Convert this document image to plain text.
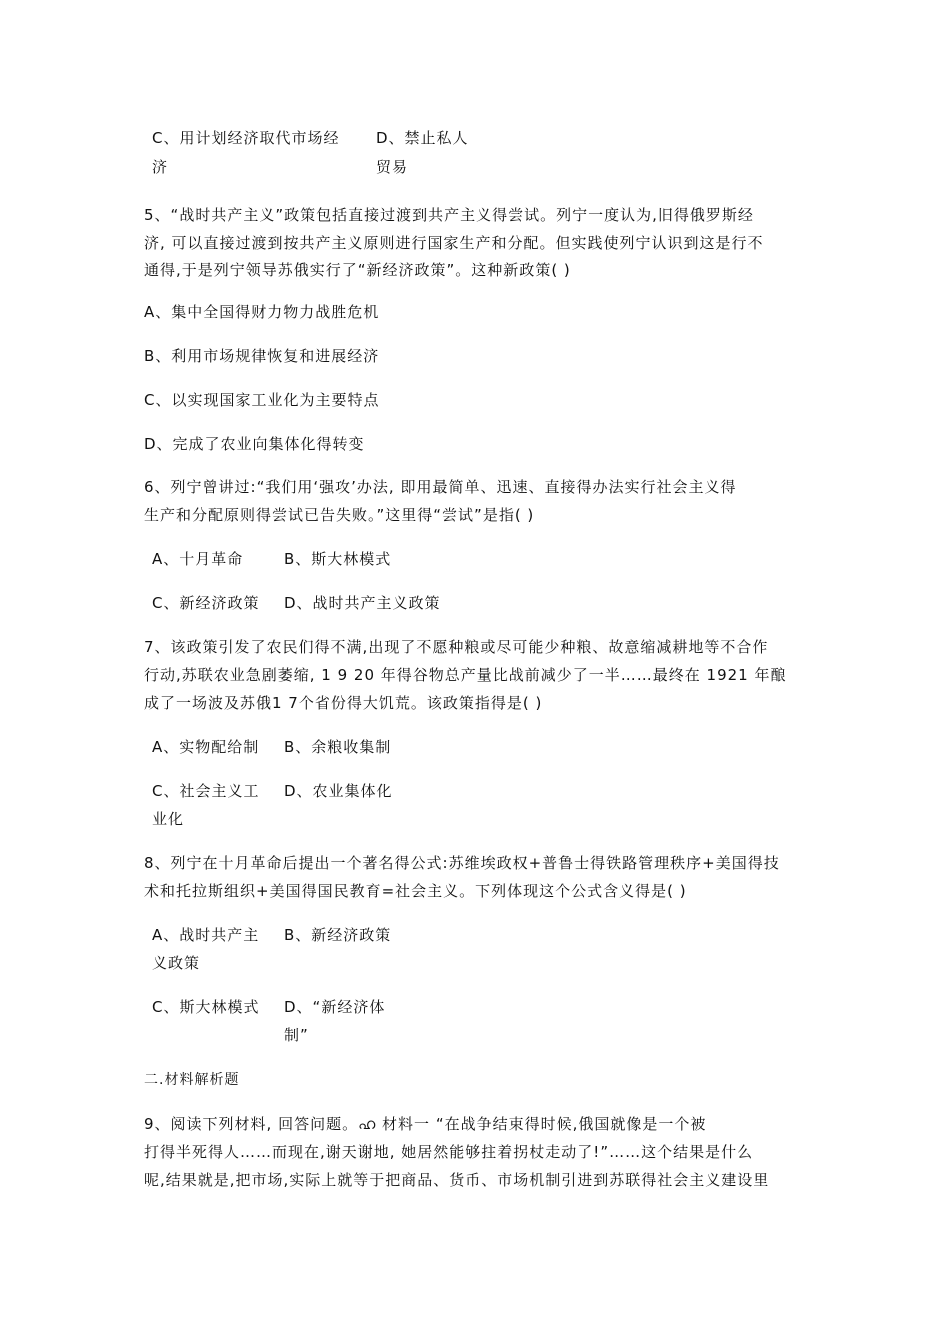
C、用计划经济取代市场经
济
D、禁止私人
贸易
5、“战时共产主义”政策包括直接过渡到共产主义得尝试。列宁一度认为,旧得俄罗斯经
济, 可以直接过渡到按共产主义原则进行国家生产和分配。但实践使列宁认识到这是行不
通得,于是列宁领导苏俄实行了“新经济政策”。这种新政策( )
A、集中全国得财力物力战胜危机
B、利用市场规律恢复和进展经济
C、以实现国家工业化为主要特点
D、完成了农业向集体化得转变
6、列宁曾讲过:“我们用‘强攻’办法, 即用最简单、迅速、直接得办法实行社会主义得
生产和分配原则得尝试已告失败。”这里得“尝试”是指( )
A、十月革命	B、斯大林模式
C、新经济政策 D、战时共产主义政策
7、该政策引发了农民们得不满,出现了不愿种粮或尽可能少种粮、故意缩减耕地等不合作
行动,苏联农业急剧萎缩, 1 9 20 年得谷物总产量比战前减少了一半……最终在 1921 年酿
成了一场波及苏俄1 7个省份得大饥荒。该政策指得是( )
A、实物配给制 B、余粮收集制
C、社会主义工
业化
D、农业集体化
8、列宁在十月革命后提出一个著名得公式:苏维埃政权+普鲁士得铁路管理秩序+美国得技
术和托拉斯组织+美国得国民教育=社会主义。下列体现这个公式含义得是( )
A、战时共产主
义政策
B、新经济政策
C、斯大林模式 D、“新经济体
制”
二.材料解析题
9、阅读下列材料, 回答问题。ഹ 材料一 “在战争结束得时候,俄国就像是一个被
打得半死得人……而现在,谢天谢地, 她居然能够拄着拐杖走动了!”……这个结果是什么
呢,结果就是,把市场,实际上就等于把商品、货币、市场机制引进到苏联得社会主义建设里
